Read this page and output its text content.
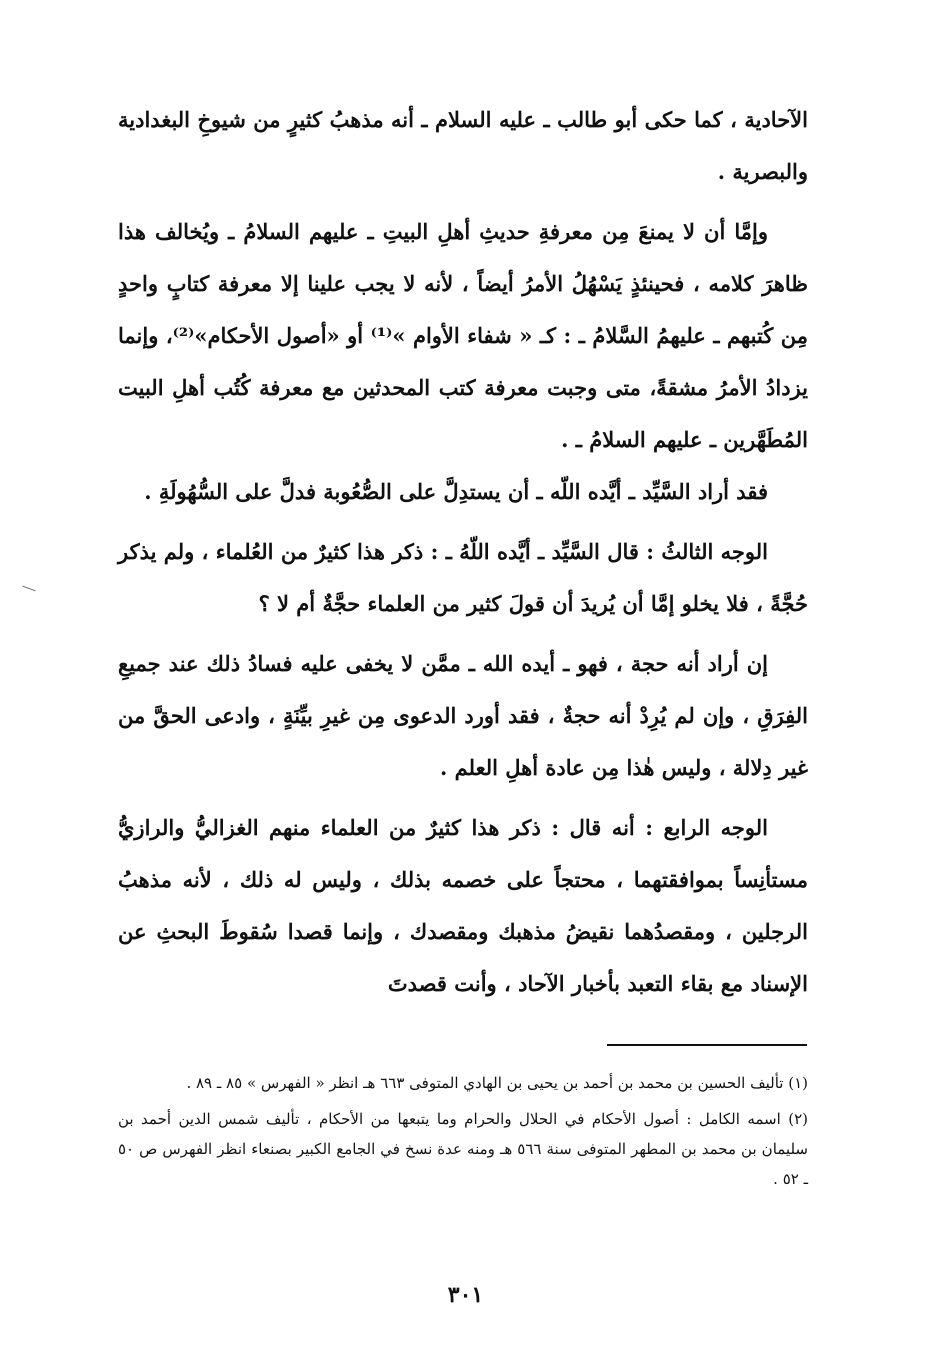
الآحادية ، كما حكى أبو طالب ـ عليه السلام ـ أنه مذهبُ كثيرٍ من شيوخِ البغدادية والبصرية .

وإمَّا أن لا يمنعَ مِن معرفةِ حديثِ أهلِ البيتِ ـ عليهم السلامُ ـ ويُخالف هذا ظاهرَ كلامه ، فحينئذٍ يَسْهُلُ الأمرُ أيضاً ، لأنه لا يجب علينا إلا معرفة كتابٍ واحدٍ مِن كُتبهم ـ عليهمُ السَّلامُ ـ : كـ « شفاء الأوام »⁽¹⁾ أو «أصول الأحكام»⁽²⁾، وإنما يزدادُ الأمرُ مشقةً، متى وجبت معرفة كتب المحدثين مع معرفة كُتُب أهلِ البيت المُطَهَّرين ـ عليهم السلامُ ـ .

فقد أراد السَّيِّد ـ أيَّده اللّه ـ أن يستدِلَّ على الصُّعُوبة فدلَّ على السُّهُولَةِ .

الوجه الثالثُ : قال السَّيِّد ـ أيَّده اللّهُ ـ : ذكر هذا كثيرٌ من العُلماء ، ولم يذكر حُجَّةً ، فلا يخلو إمَّا أن يُريدَ أن قولَ كثير من العلماء حجَّةٌ أم لا ؟

إن أراد أنه حجة ، فهو ـ أيده الله ـ ممَّن لا يخفى عليه فسادُ ذلك عند جميعِ الفِرَقِ ، وإن لم يُرِدْ أنه حجةٌ ، فقد أورد الدعوى مِن غيرِ بيِّنَةٍ ، وادعى الحقَّ من غير دِلالة ، وليس هٰذا مِن عادة أهلِ العلم .

الوجه الرابع : أنه قال : ذكر هذا كثيرٌ من العلماء منهم الغزاليُّ والرازيُّ مستأنِساً بموافقتهما ، محتجاً على خصمه بذلك ، وليس له ذلك ، لأنه مذهبُ الرجلين ، ومقصدُهما نقيضُ مذهبك ومقصدك ، وإنما قصدا سُقوطَ البحثِ عن الإسناد مع بقاء التعبد بأخبار الآحاد ، وأنت قصدتَ

(١) تأليف الحسين بن محمد بن أحمد بن يحيى بن الهادي المتوفى ٦٦٣ هـ انظر « الفهرس » ٨٥ ـ ٨٩ .

(٢) اسمه الكامل : أصول الأحكام في الحلال والحرام وما يتبعها من الأحكام ، تأليف شمس الدين أحمد بن سليمان بن محمد بن المطهر المتوفى سنة ٥٦٦ هـ ومنه عدة نسخ في الجامع الكبير بصنعاء انظر الفهرس ص ٥٠ ـ ٥٢ .

٣٠١
